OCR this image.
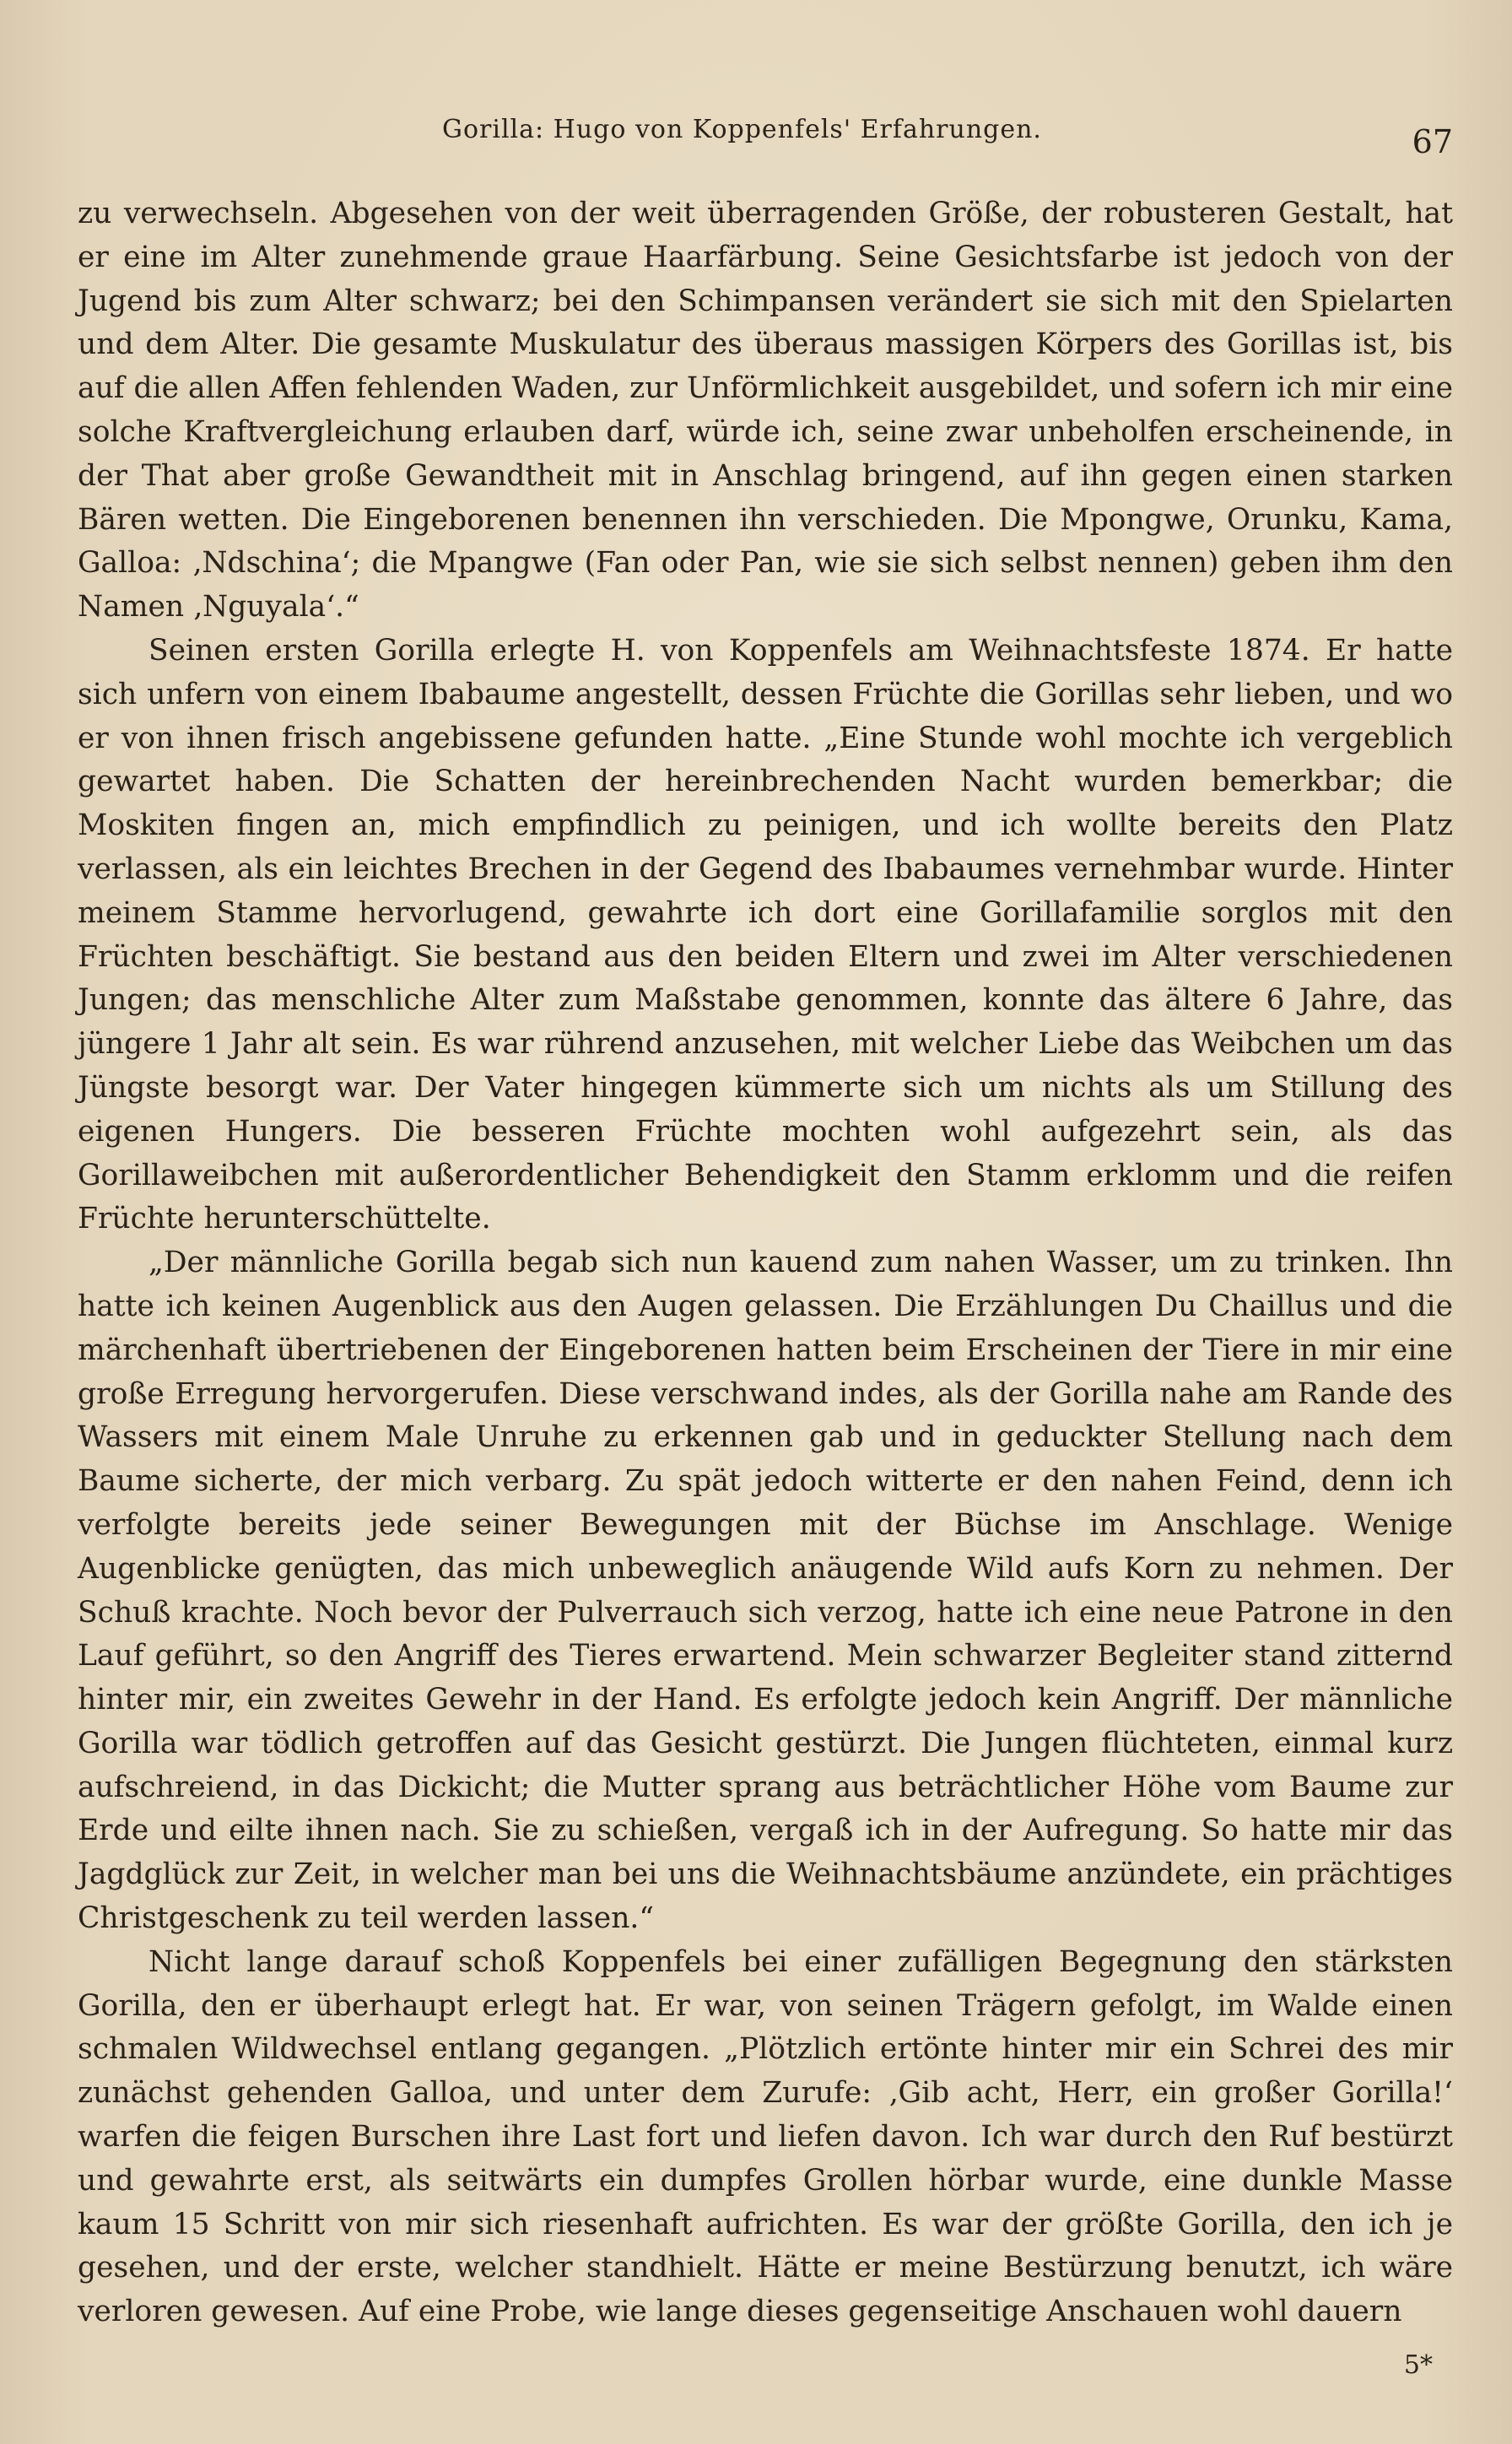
Gorilla: Hugo von Koppenfels' Erfahrungen.	67

zu verwechseln. Abgesehen von der weit überragenden Größe, der robusteren Gestalt, hat er eine im Alter zunehmende graue Haarfärbung. Seine Gesichtsfarbe ist jedoch von der Jugend bis zum Alter schwarz; bei den Schimpansen verändert sie sich mit den Spielarten und dem Alter. Die gesamte Muskulatur des überaus massigen Körpers des Gorillas ist, bis auf die allen Affen fehlenden Waden, zur Unförmlichkeit ausgebildet, und sofern ich mir eine solche Kraftvergleichung erlauben darf, würde ich, seine zwar unbeholfen erscheinende, in der That aber große Gewandtheit mit in Anschlag bringend, auf ihn gegen einen starken Bären wetten. Die Eingeborenen benennen ihn verschieden. Die Mpongwe, Orunku, Kama, Galloa: ‚Ndschina‘; die Mpangwe (Fan oder Pan, wie sie sich selbst nennen) geben ihm den Namen ‚Nguyala‘.“

Seinen ersten Gorilla erlegte H. von Koppenfels am Weihnachtsfeste 1874. Er hatte sich unfern von einem Ibabaume angestellt, dessen Früchte die Gorillas sehr lieben, und wo er von ihnen frisch angebissene gefunden hatte. „Eine Stunde wohl mochte ich vergeblich gewartet haben. Die Schatten der hereinbrechenden Nacht wurden bemerkbar; die Moskiten fingen an, mich empfindlich zu peinigen, und ich wollte bereits den Platz verlassen, als ein leichtes Brechen in der Gegend des Ibabaumes vernehmbar wurde. Hinter meinem Stamme hervorlugend, gewahrte ich dort eine Gorillafamilie sorglos mit den Früchten beschäftigt. Sie bestand aus den beiden Eltern und zwei im Alter verschiedenen Jungen; das menschliche Alter zum Maßstabe genommen, konnte das ältere 6 Jahre, das jüngere 1 Jahr alt sein. Es war rührend anzusehen, mit welcher Liebe das Weibchen um das Jüngste besorgt war. Der Vater hingegen kümmerte sich um nichts als um Stillung des eigenen Hungers. Die besseren Früchte mochten wohl aufgezehrt sein, als das Gorillaweibchen mit außerordentlicher Behendigkeit den Stamm erklomm und die reifen Früchte herunterschüttelte.

„Der männliche Gorilla begab sich nun kauend zum nahen Wasser, um zu trinken. Ihn hatte ich keinen Augenblick aus den Augen gelassen. Die Erzählungen Du Chaillus und die märchenhaft übertriebenen der Eingeborenen hatten beim Erscheinen der Tiere in mir eine große Erregung hervorgerufen. Diese verschwand indes, als der Gorilla nahe am Rande des Wassers mit einem Male Unruhe zu erkennen gab und in geduckter Stellung nach dem Baume sicherte, der mich verbarg. Zu spät jedoch witterte er den nahen Feind, denn ich verfolgte bereits jede seiner Bewegungen mit der Büchse im Anschlage. Wenige Augenblicke genügten, das mich unbeweglich anäugende Wild aufs Korn zu nehmen. Der Schuß krachte. Noch bevor der Pulverrauch sich verzog, hatte ich eine neue Patrone in den Lauf geführt, so den Angriff des Tieres erwartend. Mein schwarzer Begleiter stand zitternd hinter mir, ein zweites Gewehr in der Hand. Es erfolgte jedoch kein Angriff. Der männliche Gorilla war tödlich getroffen auf das Gesicht gestürzt. Die Jungen flüchteten, einmal kurz aufschreiend, in das Dickicht; die Mutter sprang aus beträchtlicher Höhe vom Baume zur Erde und eilte ihnen nach. Sie zu schießen, vergaß ich in der Aufregung. So hatte mir das Jagdglück zur Zeit, in welcher man bei uns die Weihnachtsbäume anzündete, ein prächtiges Christgeschenk zu teil werden lassen.“

Nicht lange darauf schoß Koppenfels bei einer zufälligen Begegnung den stärksten Gorilla, den er überhaupt erlegt hat. Er war, von seinen Trägern gefolgt, im Walde einen schmalen Wildwechsel entlang gegangen. „Plötzlich ertönte hinter mir ein Schrei des mir zunächst gehenden Galloa, und unter dem Zurufe: ‚Gib acht, Herr, ein großer Gorilla!‘ warfen die feigen Burschen ihre Last fort und liefen davon. Ich war durch den Ruf bestürzt und gewahrte erst, als seitwärts ein dumpfes Grollen hörbar wurde, eine dunkle Masse kaum 15 Schritt von mir sich riesenhaft aufrichten. Es war der größte Gorilla, den ich je gesehen, und der erste, welcher standhielt. Hätte er meine Bestürzung benutzt, ich wäre verloren gewesen. Auf eine Probe, wie lange dieses gegenseitige Anschauen wohl dauern

5*
